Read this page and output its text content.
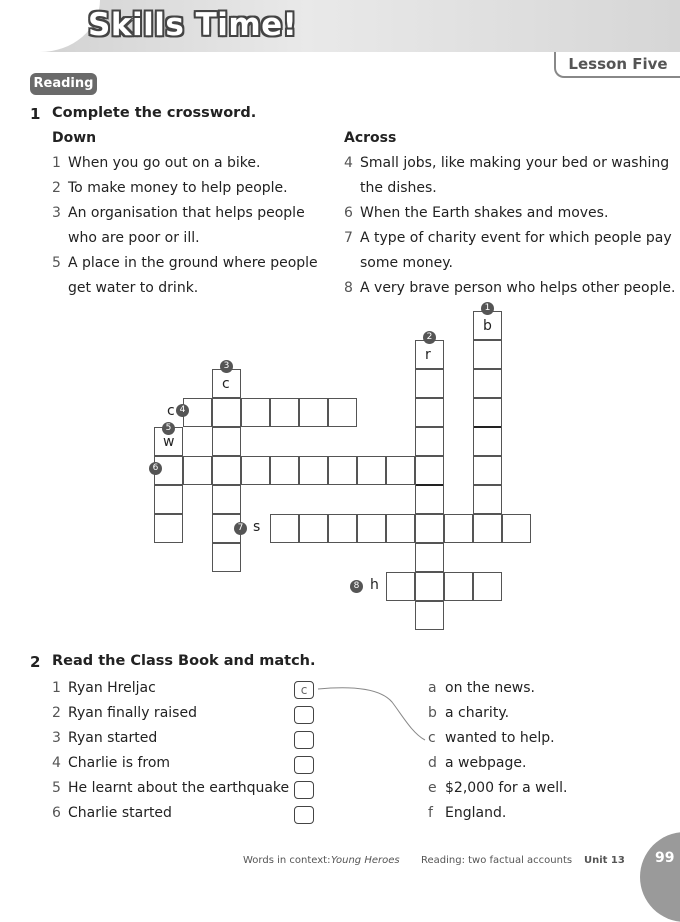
Skills Time!
Lesson Five
Reading
1 Complete the crossword.
Down	Across
1 When you go out on a bike.
2 To make money to help people.
3 An organisation that helps people
who are poor or ill.
5 A place in the ground where people
get water to drink.
4 Small jobs, like making your bed or washing
the dishes.
6 When the Earth shakes and moves.
7 A type of charity event for which people pay
some money.
8 A very brave person who helps other people.
1
2
3
4
5
6
7
8
b
r
c
c
w
s
h
2 Read the Class Book and match.
1 Ryan Hreljac	c
2 Ryan finally raised
3 Ryan started
4 Charlie is from
5 He learnt about the earthquake
6 Charlie started
a on the news.
b a charity.
c wanted to help.
d a webpage.
e $2,000 for a well.
f England.
Words in context: Young Heroes Reading: two factual accounts Unit 13 99
